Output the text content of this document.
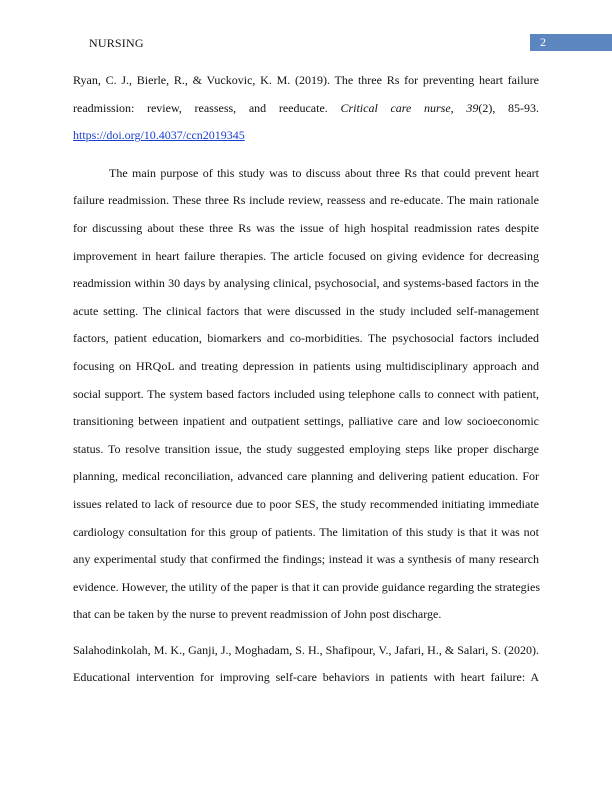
NURSING	2
Ryan, C. J., Bierle, R., & Vuckovic, K. M. (2019). The three Rs for preventing heart failure
readmission: review, reassess, and reeducate. Critical care nurse, 39(2), 85-93.
https://doi.org/10.4037/ccn2019345
The main purpose of this study was to discuss about three Rs that could prevent heart
failure readmission. These three Rs include review, reassess and re-educate. The main rationale
for discussing about these three Rs was the issue of high hospital readmission rates despite
improvement in heart failure therapies. The article focused on giving evidence for decreasing
readmission within 30 days by analysing clinical, psychosocial, and systems-based factors in the
acute setting. The clinical factors that were discussed in the study included self-management
factors, patient education, biomarkers and co-morbidities. The psychosocial factors included
focusing on HRQoL and treating depression in patients using multidisciplinary approach and
social support. The system based factors included using telephone calls to connect with patient,
transitioning between inpatient and outpatient settings, palliative care and low socioeconomic
status. To resolve transition issue, the study suggested employing steps like proper discharge
planning, medical reconciliation, advanced care planning and delivering patient education. For
issues related to lack of resource due to poor SES, the study recommended initiating immediate
cardiology consultation for this group of patients. The limitation of this study is that it was not
any experimental study that confirmed the findings; instead it was a synthesis of many research
evidence. However, the utility of the paper is that it can provide guidance regarding the strategies
that can be taken by the nurse to prevent readmission of John post discharge.
Salahodinkolah, M. K., Ganji, J., Moghadam, S. H., Shafipour, V., Jafari, H., & Salari, S. (2020).
Educational intervention for improving self-care behaviors in patients with heart failure: A
